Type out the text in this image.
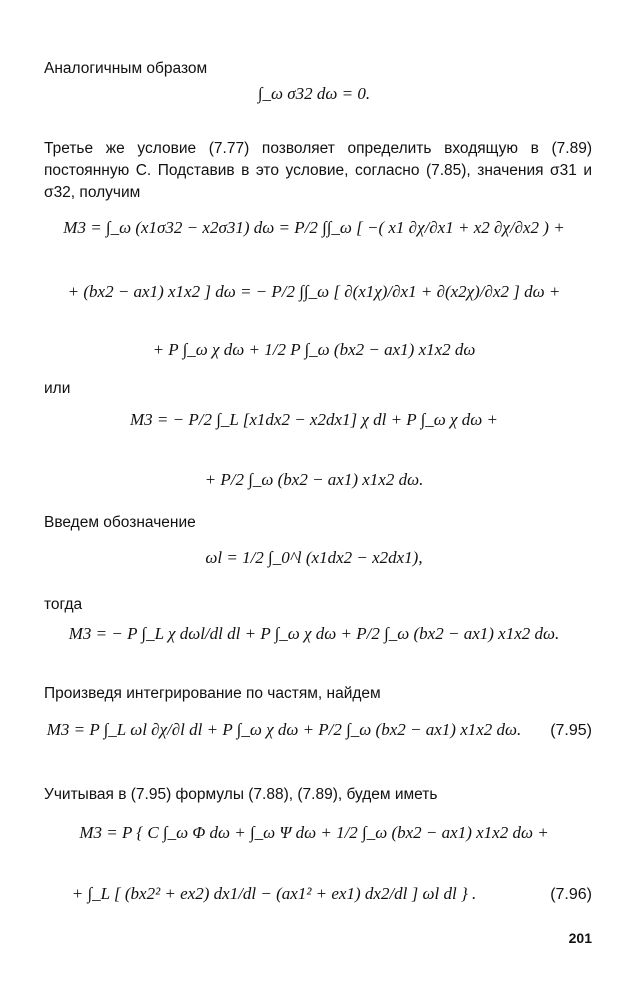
Аналогичным образом
∫_ω σ32 dω = 0.
Третье же условие (7.77) позволяет определить входящую в (7.89) постоянную C. Подставив в это условие, согласно (7.85), значения σ31 и σ32, получим
M3 = ∫_ω (x1σ32 − x2σ31) dω = P/2 ∫∫_ω [ −( x1 ∂χ/∂x1 + x2 ∂χ/∂x2 ) +
+ (bx2 − ax1) x1x2 ] dω = − P/2 ∫∫_ω [ ∂(x1χ)/∂x1 + ∂(x2χ)/∂x2 ] dω +
+ P ∫_ω χ dω + 1/2 P ∫_ω (bx2 − ax1) x1x2 dω
или
M3 = − P/2 ∫_L [x1dx2 − x2dx1] χ dl + P ∫_ω χ dω +
+ P/2 ∫_ω (bx2 − ax1) x1x2 dω.
Введем обозначение
ωl = 1/2 ∫_0^l (x1dx2 − x2dx1),
тогда
M3 = − P ∫_L χ dωl/dl dl + P ∫_ω χ dω + P/2 ∫_ω (bx2 − ax1) x1x2 dω.
Произведя интегрирование по частям, найдем
M3 = P ∫_L ωl ∂χ/∂l dl + P ∫_ω χ dω + P/2 ∫_ω (bx2 − ax1) x1x2 dω.	(7.95)
Учитывая в (7.95) формулы (7.88), (7.89), будем иметь
M3 = P { C ∫_ω Φ dω + ∫_ω Ψ dω + 1/2 ∫_ω (bx2 − ax1) x1x2 dω +
+ ∫_L [ (bx2² + ex2) dx1/dl − (ax1² + ex1) dx2/dl ] ωl dl } .	(7.96)
201
